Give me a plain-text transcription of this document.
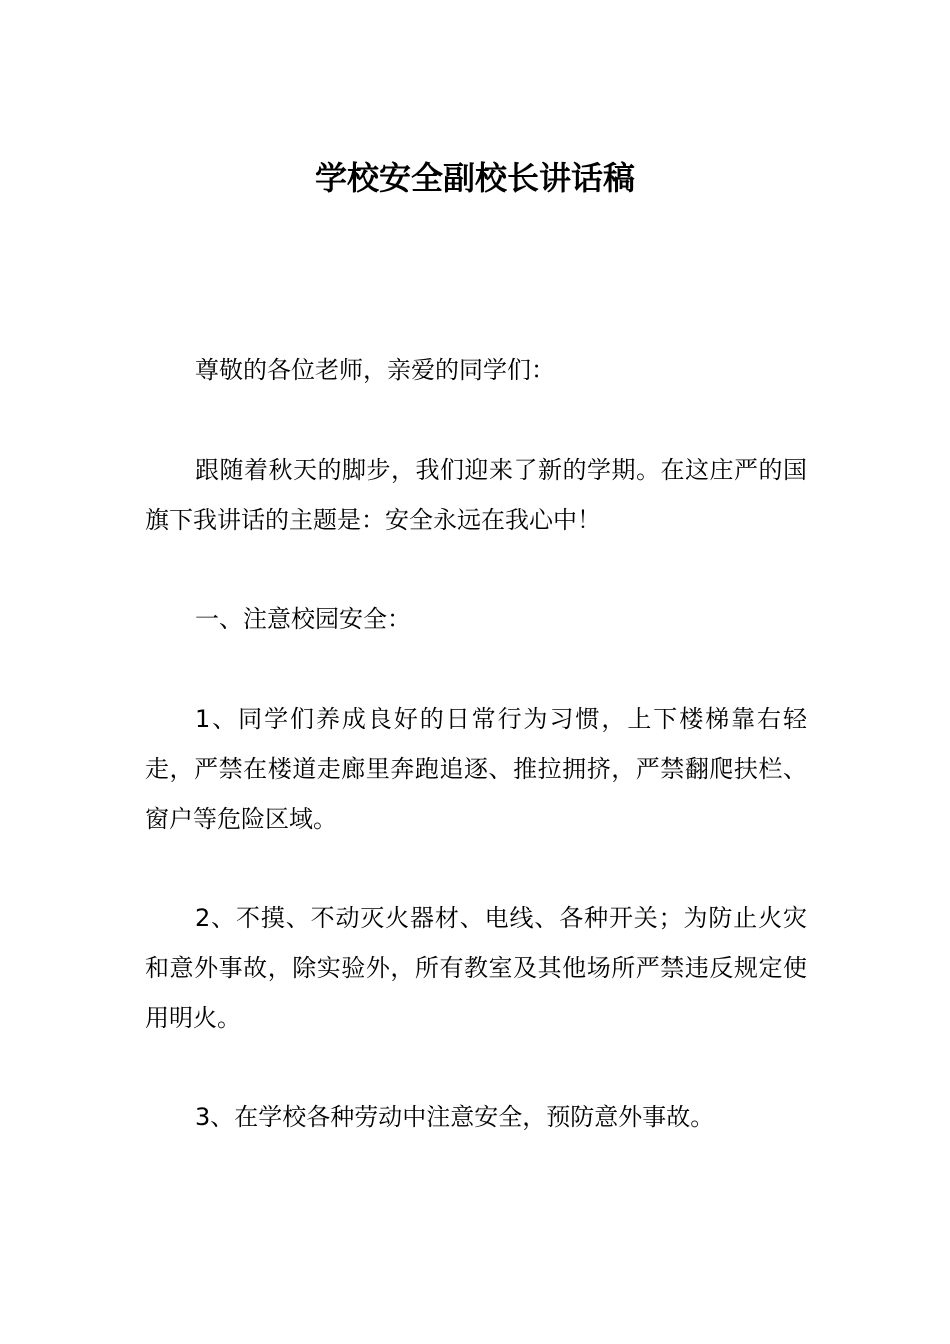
学校安全副校长讲话稿

尊敬的各位老师，亲爱的同学们：

跟随着秋天的脚步，我们迎来了新的学期。在这庄严的国旗下我讲话的主题是：安全永远在我心中！

一、注意校园安全：

1、同学们养成良好的日常行为习惯，上下楼梯靠右轻走，严禁在楼道走廊里奔跑追逐、推拉拥挤，严禁翻爬扶栏、窗户等危险区域。

2、不摸、不动灭火器材、电线、各种开关；为防止火灾和意外事故，除实验外，所有教室及其他场所严禁违反规定使用明火。

3、在学校各种劳动中注意安全，预防意外事故。
